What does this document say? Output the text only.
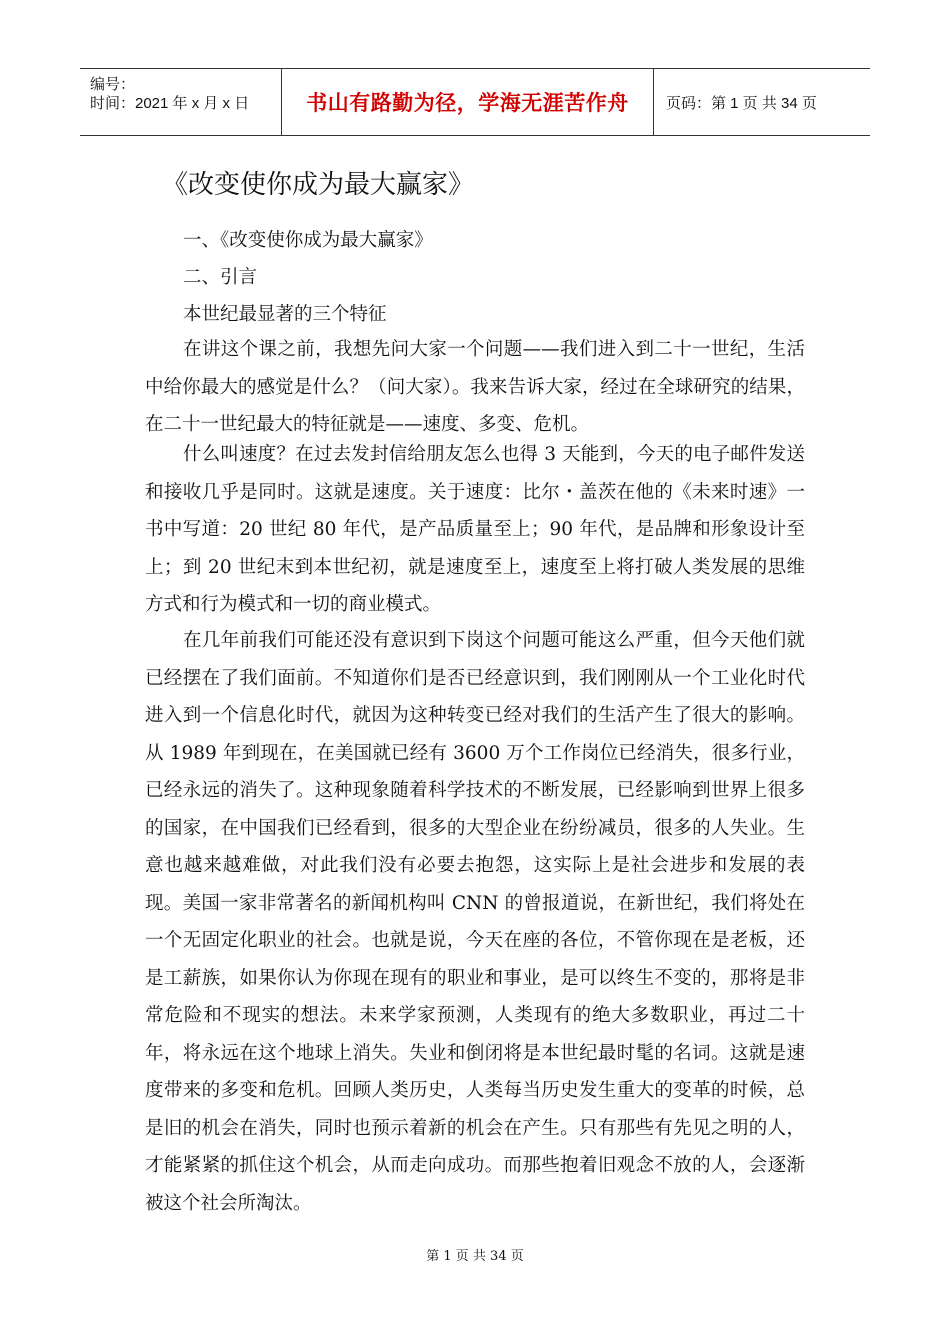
编号：
时间：2021 年 x 月 x 日	书山有路勤为径，学海无涯苦作舟 页码：第 1 页 共 34 页
《改变使你成为最大赢家》
一、《改变使你成为最大赢家》
二、引言
本世纪最显著的三个特征
在讲这个课之前，我想先问大家一个问题——我们进入到二十一世纪，生活中给你最大的感觉是什么？（问大家）。我来告诉大家，经过在全球研究的结果，在二十一世纪最大的特征就是——速度、多变、危机。
什么叫速度？在过去发封信给朋友怎么也得 3 天能到，今天的电子邮件发送和接收几乎是同时。这就是速度。关于速度：比尔・盖茨在他的《未来时速》一书中写道：20 世纪 80 年代，是产品质量至上；90 年代，是品牌和形象设计至上；到 20 世纪末到本世纪初，就是速度至上，速度至上将打破人类发展的思维方式和行为模式和一切的商业模式。
在几年前我们可能还没有意识到下岗这个问题可能这么严重，但今天他们就已经摆在了我们面前。不知道你们是否已经意识到，我们刚刚从一个工业化时代进入到一个信息化时代，就因为这种转变已经对我们的生活产生了很大的影响。从 1989 年到现在，在美国就已经有 3600 万个工作岗位已经消失，很多行业，已经永远的消失了。这种现象随着科学技术的不断发展，已经影响到世界上很多的国家，在中国我们已经看到，很多的大型企业在纷纷减员，很多的人失业。生意也越来越难做，对此我们没有必要去抱怨，这实际上是社会进步和发展的表现。美国一家非常著名的新闻机构叫 CNN 的曾报道说，在新世纪，我们将处在一个无固定化职业的社会。也就是说，今天在座的各位，不管你现在是老板，还是工薪族，如果你认为你现在现有的职业和事业，是可以终生不变的，那将是非常危险和不现实的想法。未来学家预测，人类现有的绝大多数职业，再过二十年，将永远在这个地球上消失。失业和倒闭将是本世纪最时髦的名词。这就是速度带来的多变和危机。回顾人类历史，人类每当历史发生重大的变革的时候，总是旧的机会在消失，同时也预示着新的机会在产生。只有那些有先见之明的人，才能紧紧的抓住这个机会，从而走向成功。而那些抱着旧观念不放的人，会逐渐被这个社会所淘汰。
第 1 页 共 34 页
